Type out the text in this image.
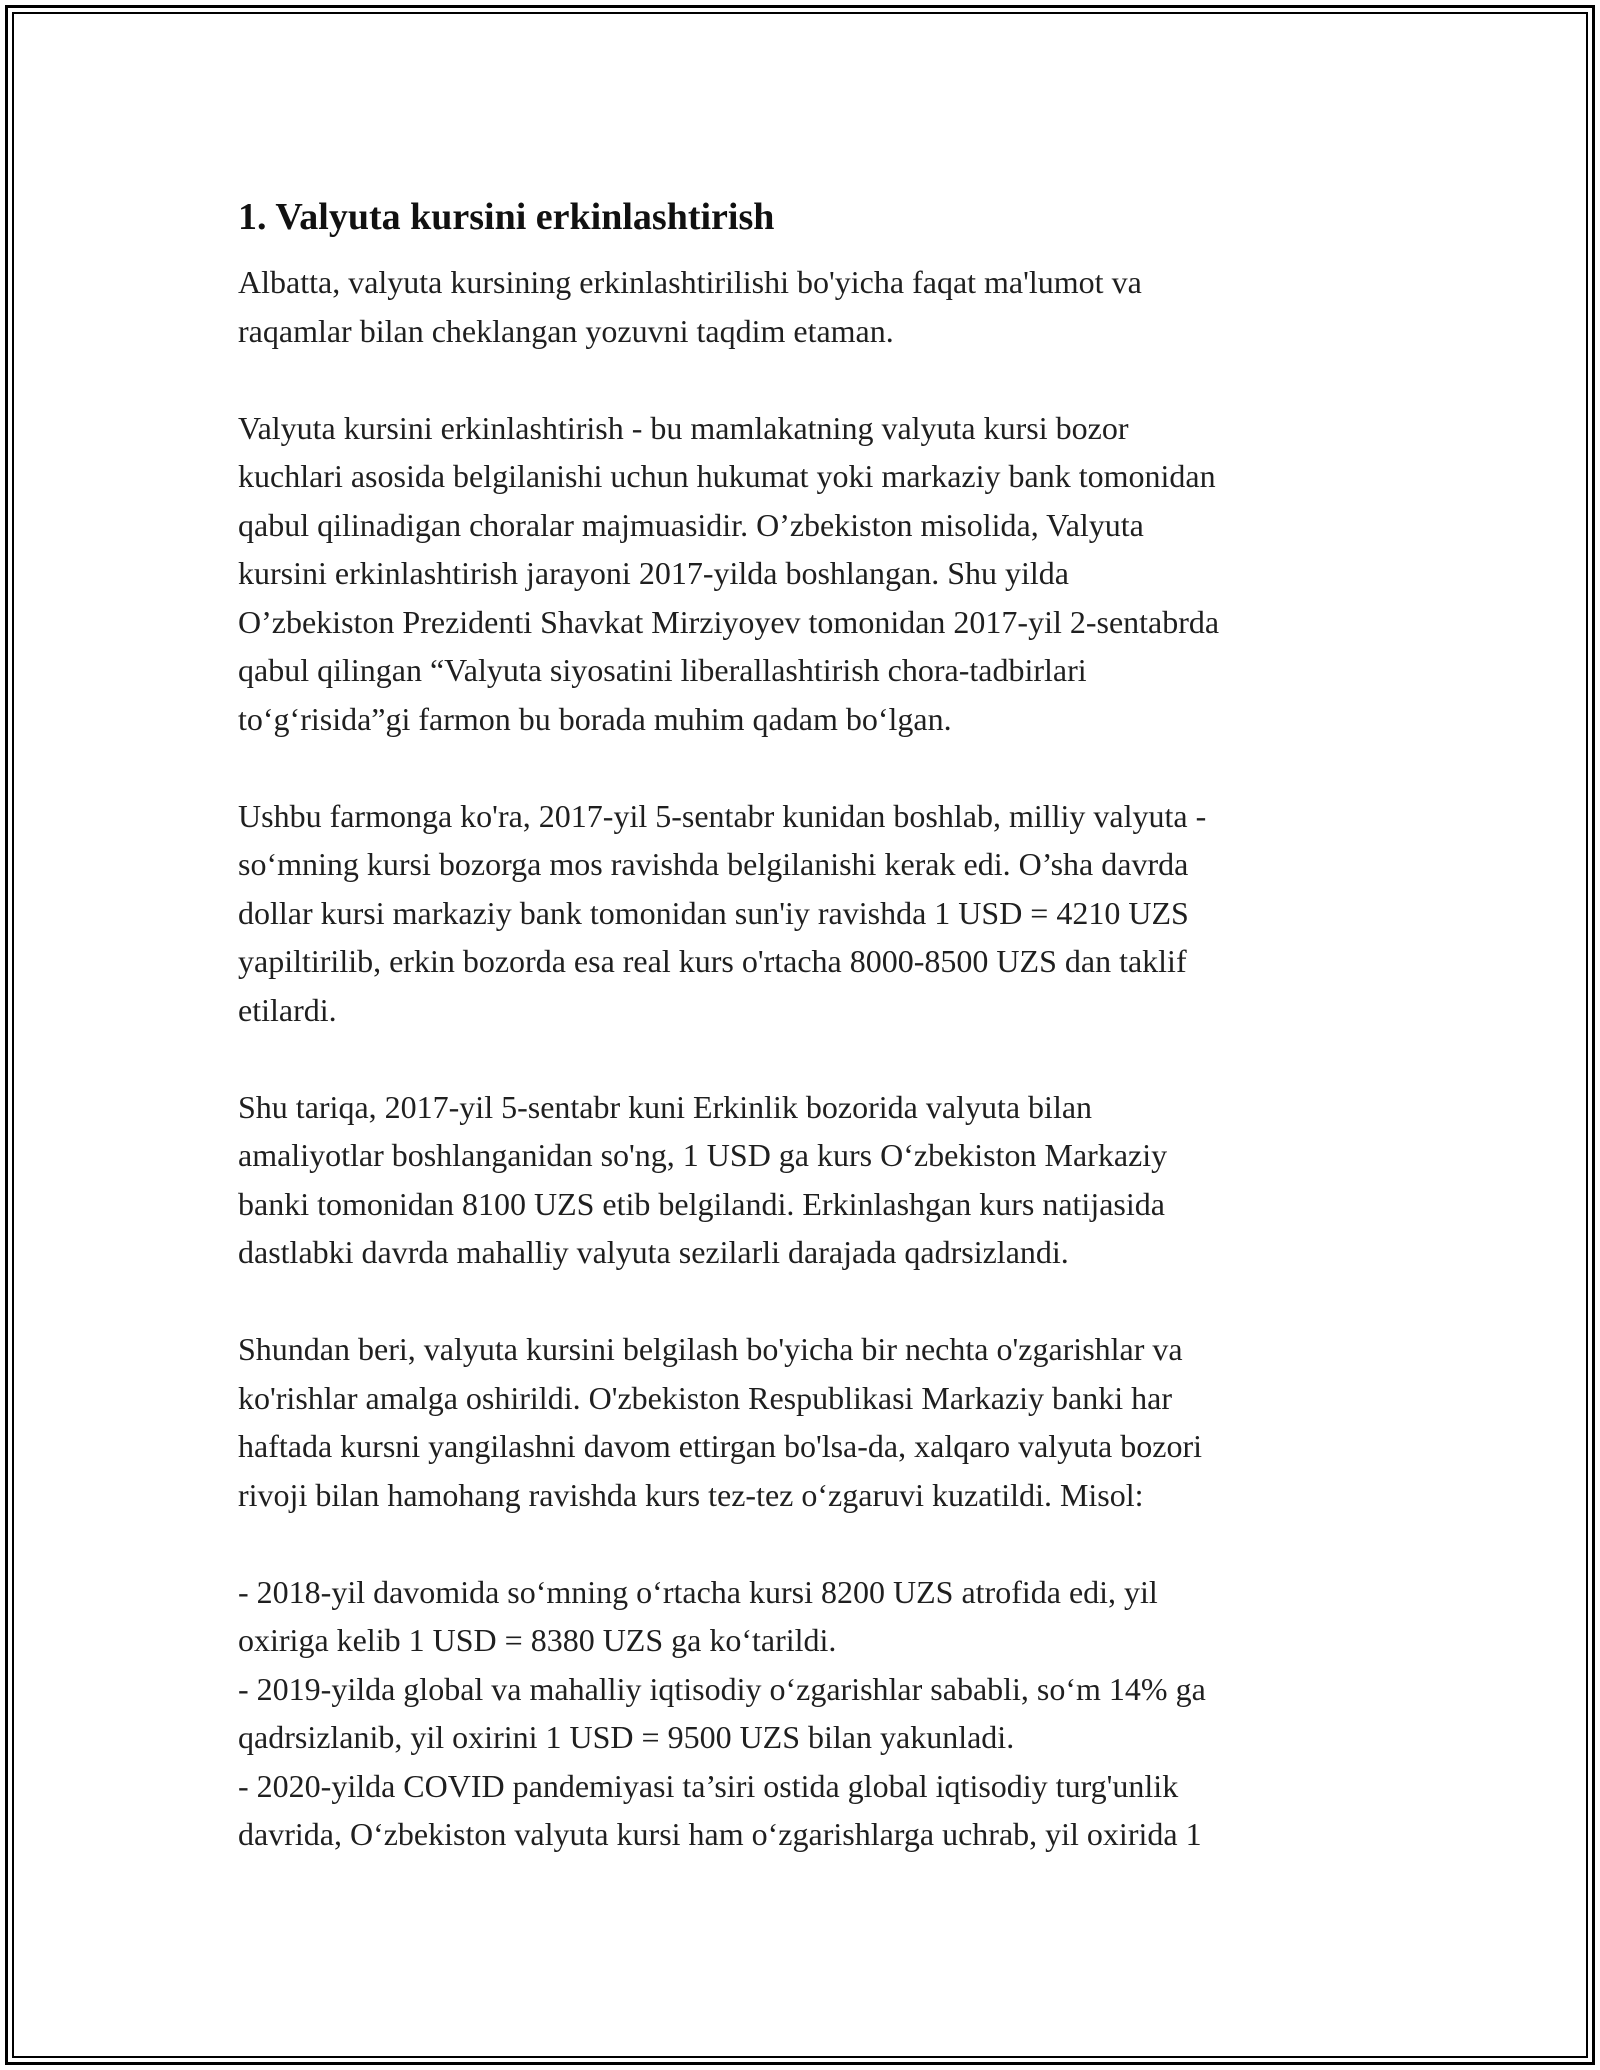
1. Valyuta kursini erkinlashtirish

Albatta, valyuta kursining erkinlashtirilishi bo'yicha faqat ma'lumot va
raqamlar bilan cheklangan yozuvni taqdim etaman.

Valyuta kursini erkinlashtirish - bu mamlakatning valyuta kursi bozor
kuchlari asosida belgilanishi uchun hukumat yoki markaziy bank tomonidan
qabul qilinadigan choralar majmuasidir. O’zbekiston misolida, Valyuta
kursini erkinlashtirish jarayoni 2017-yilda boshlangan. Shu yilda
O’zbekiston Prezidenti Shavkat Mirziyoyev tomonidan 2017-yil 2-sentabrda
qabul qilingan “Valyuta siyosatini liberallashtirish chora-tadbirlari
to‘g‘risida”gi farmon bu borada muhim qadam bo‘lgan.

Ushbu farmonga ko'ra, 2017-yil 5-sentabr kunidan boshlab, milliy valyuta -
so‘mning kursi bozorga mos ravishda belgilanishi kerak edi. O’sha davrda
dollar kursi markaziy bank tomonidan sun'iy ravishda 1 USD = 4210 UZS
yapiltirilib, erkin bozorda esa real kurs o'rtacha 8000-8500 UZS dan taklif
etilardi.

Shu tariqa, 2017-yil 5-sentabr kuni Erkinlik bozorida valyuta bilan
amaliyotlar boshlanganidan so'ng, 1 USD ga kurs O‘zbekiston Markaziy
banki tomonidan 8100 UZS etib belgilandi. Erkinlashgan kurs natijasida
dastlabki davrda mahalliy valyuta sezilarli darajada qadrsizlandi.

Shundan beri, valyuta kursini belgilash bo'yicha bir nechta o'zgarishlar va
ko'rishlar amalga oshirildi. O'zbekiston Respublikasi Markaziy banki har
haftada kursni yangilashni davom ettirgan bo'lsa-da, xalqaro valyuta bozori
rivoji bilan hamohang ravishda kurs tez-tez o‘zgaruvi kuzatildi. Misol:

- 2018-yil davomida so‘mning o‘rtacha kursi 8200 UZS atrofida edi, yil
oxiriga kelib 1 USD = 8380 UZS ga ko‘tarildi.
- 2019-yilda global va mahalliy iqtisodiy o‘zgarishlar sababli, so‘m 14% ga
qadrsizlanib, yil oxirini 1 USD = 9500 UZS bilan yakunladi.
- 2020-yilda COVID pandemiyasi ta’siri ostida global iqtisodiy turg'unlik
davrida, O‘zbekiston valyuta kursi ham o‘zgarishlarga uchrab, yil oxirida 1
